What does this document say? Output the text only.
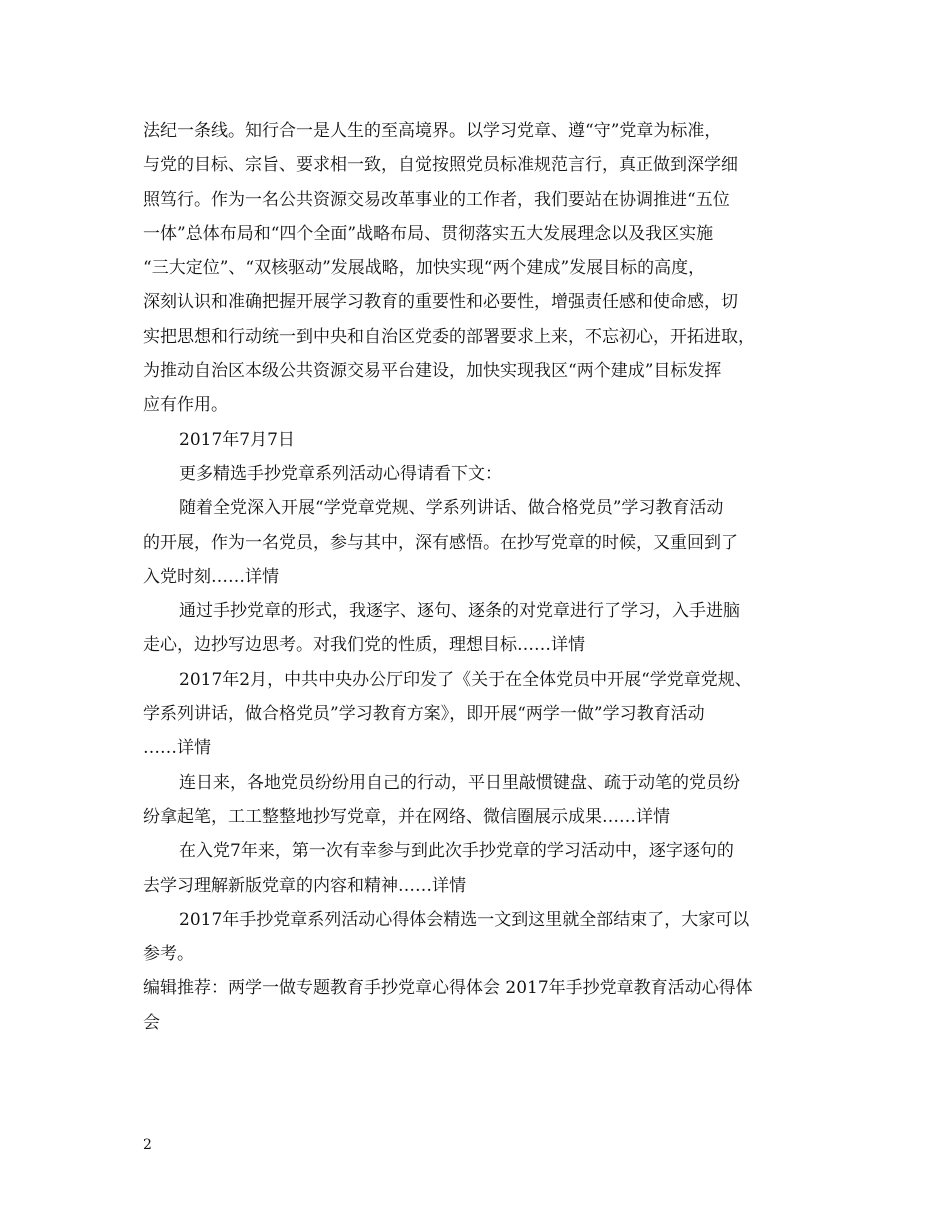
法纪一条线。知行合一是人生的至高境界。以学习党章、遵“守”党章为标准，
与党的目标、宗旨、要求相一致，自觉按照党员标准规范言行，真正做到深学细
照笃行。作为一名公共资源交易改革事业的工作者，我们要站在协调推进“五位
一体”总体布局和“四个全面”战略布局、贯彻落实五大发展理念以及我区实施
“三大定位”、“双核驱动”发展战略，加快实现“两个建成”发展目标的高度，
深刻认识和准确把握开展学习教育的重要性和必要性，增强责任感和使命感，切
实把思想和行动统一到中央和自治区党委的部署要求上来，不忘初心，开拓进取，
为推动自治区本级公共资源交易平台建设，加快实现我区“两个建成”目标发挥
应有作用。
2017年7月7日
更多精选手抄党章系列活动心得请看下文：
随着全党深入开展“学党章党规、学系列讲话、做合格党员”学习教育活动
的开展，作为一名党员，参与其中，深有感悟。在抄写党章的时候，又重回到了
入党时刻……详情
通过手抄党章的形式，我逐字、逐句、逐条的对党章进行了学习，入手进脑
走心，边抄写边思考。对我们党的性质，理想目标……详情
2017年2月，中共中央办公厅印发了《关于在全体党员中开展“学党章党规、
学系列讲话，做合格党员”学习教育方案》，即开展“两学一做”学习教育活动
……详情
连日来，各地党员纷纷用自己的行动，平日里敲惯键盘、疏于动笔的党员纷
纷拿起笔，工工整整地抄写党章，并在网络、微信圈展示成果……详情
在入党7年来，第一次有幸参与到此次手抄党章的学习活动中，逐字逐句的
去学习理解新版党章的内容和精神……详情
2017年手抄党章系列活动心得体会精选一文到这里就全部结束了，大家可以
参考。
编辑推荐：两学一做专题教育手抄党章心得体会 2017年手抄党章教育活动心得体
会
2
